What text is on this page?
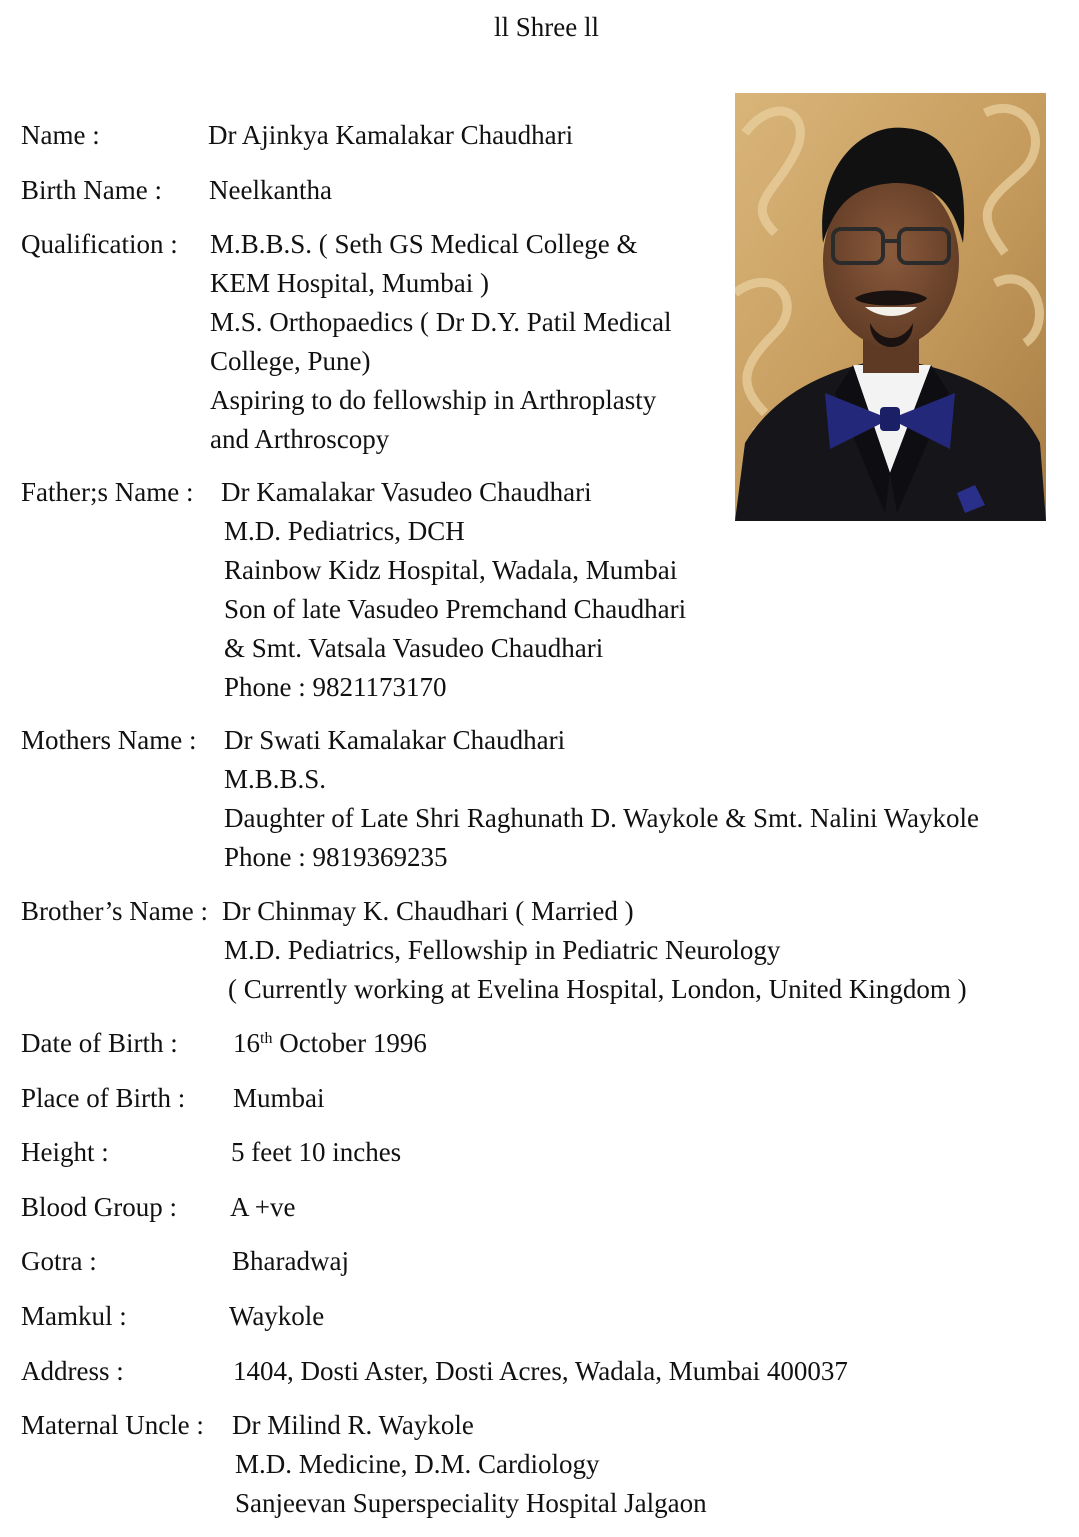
ll Shree ll
Name :	Dr Ajinkya Kamalakar Chaudhari
Birth Name : Neelkantha
Qualification : M.B.B.S. ( Seth GS Medical College &
KEM Hospital, Mumbai )
M.S. Orthopaedics ( Dr D.Y. Patil Medical
College, Pune)
Aspiring to do fellowship in Arthroplasty
and Arthroscopy
Father;s Name : Dr Kamalakar Vasudeo Chaudhari
M.D. Pediatrics, DCH
Rainbow Kidz Hospital, Wadala, Mumbai
Son of late Vasudeo Premchand Chaudhari
& Smt. Vatsala Vasudeo Chaudhari
Phone : 9821173170
Mothers Name : Dr Swati Kamalakar Chaudhari
M.B.B.S.
Daughter of Late Shri Raghunath D. Waykole & Smt. Nalini Waykole
Phone : 9819369235
Brother’s Name : Dr Chinmay K. Chaudhari ( Married )
M.D. Pediatrics, Fellowship in Pediatric Neurology
( Currently working at Evelina Hospital, London, United Kingdom )
Date of Birth : 16th October 1996
Place of Birth : Mumbai
Height :	5 feet 10 inches
Blood Group : A +ve
Gotra :	Bharadwaj
Mamkul :	Waykole
Address :	1404, Dosti Aster, Dosti Acres, Wadala, Mumbai 400037
Maternal Uncle : Dr Milind R. Waykole
M.D. Medicine, D.M. Cardiology
Sanjeevan Superspeciality Hospital Jalgaon
